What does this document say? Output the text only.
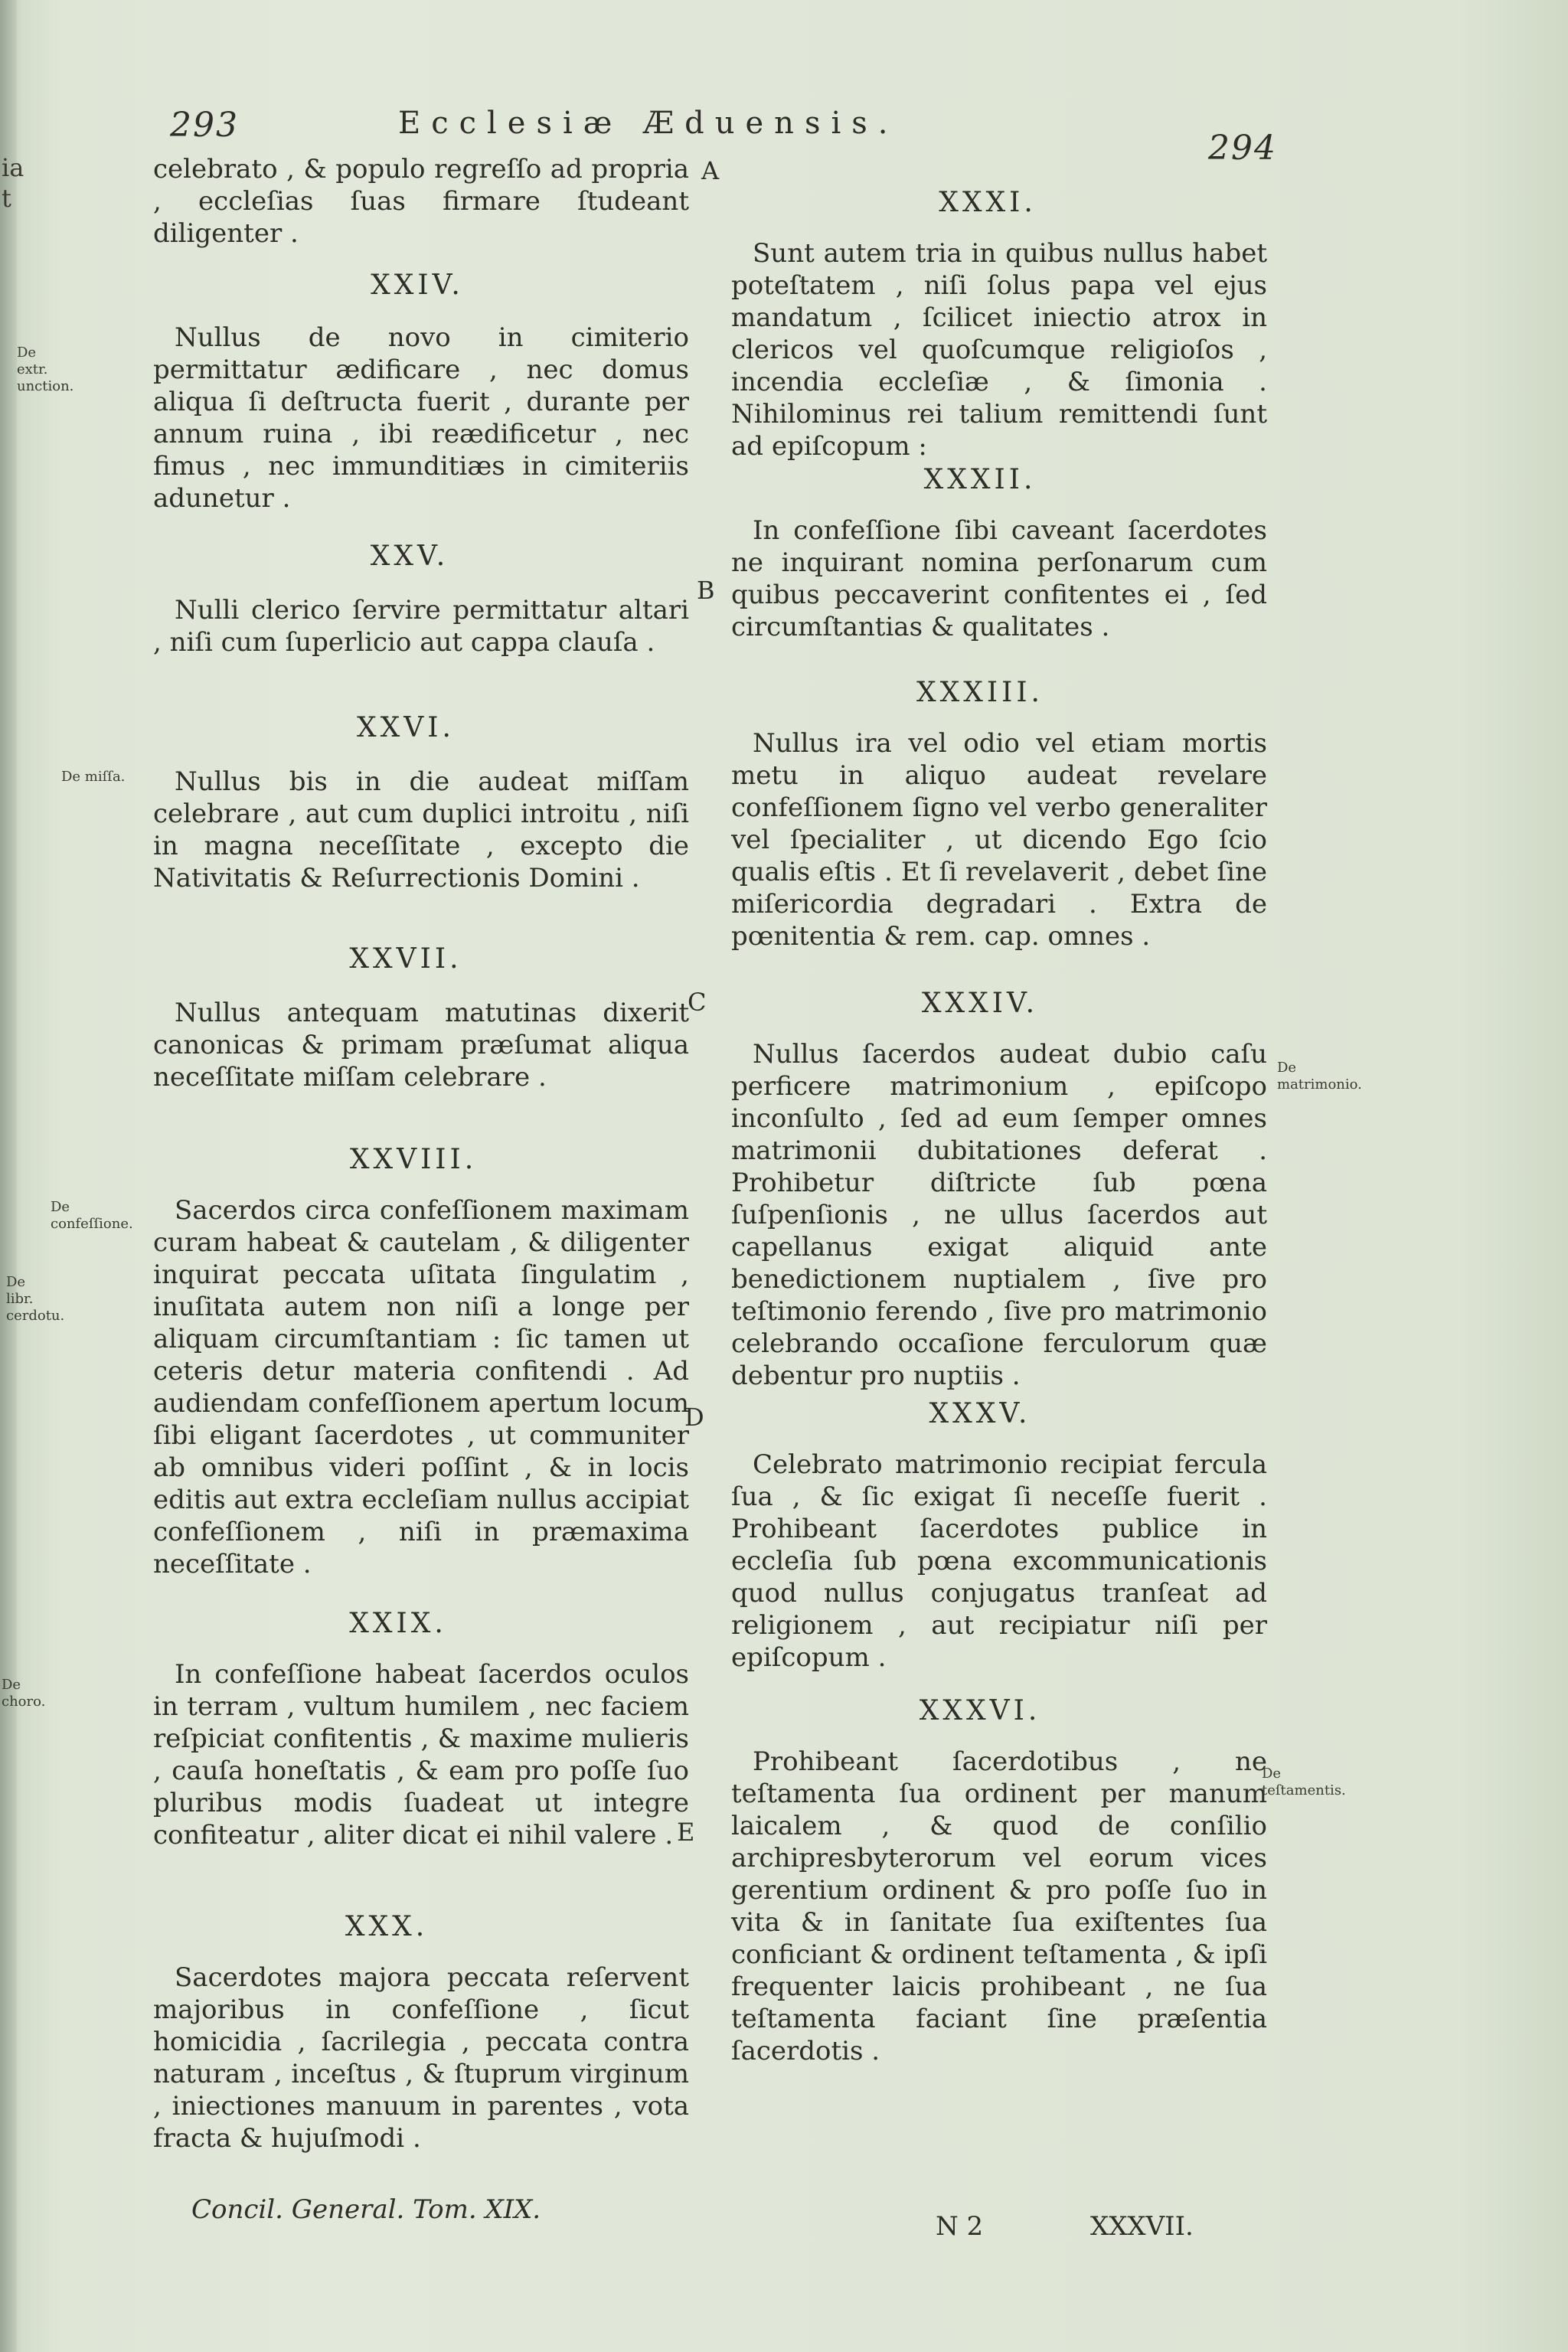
ia
t
293	Ecclesiæ Æduensis.
294

celebrato , & populo regreſſo ad propria , eccleſias ſuas firmare ſtudeant diligenter .

XXIV.

Nullus de novo in cimiterio permittatur ædificare , nec domus aliqua ſi deſtructa fuerit , durante per annum ruina , ibi reædificetur , nec fimus , nec immunditiæs in cimiteriis adunetur .

XXV.

Nulli clerico ſervire permittatur altari , niſi cum ſuperlicio aut cappa clauſa .

XXVI.

Nullus bis in die audeat miſſam celebrare , aut cum duplici introitu , niſi in magna neceſſitate , excepto die Nativitatis & Reſurrectionis Domini .

XXVII.

Nullus antequam matutinas dixerit canonicas & primam præſumat aliqua neceſſitate miſſam celebrare .

XXVIII.

Sacerdos circa confeſſionem maximam curam habeat & cautelam , & diligenter inquirat peccata uſitata ſingulatim , inuſitata autem non niſi a longe per aliquam circumſtantiam : ſic tamen ut ceteris detur materia confitendi . Ad audiendam confeſſionem apertum locum ſibi eligant ſacerdotes , ut communiter ab omnibus videri poſſint , & in locis editis aut extra eccleſiam nullus accipiat confeſſionem , niſi in præmaxima neceſſitate .

XXIX.

In confeſſione habeat ſacerdos oculos in terram , vultum humilem , nec faciem reſpiciat confitentis , & maxime mulieris , cauſa honeſtatis , & eam pro poſſe ſuo pluribus modis ſuadeat ut integre confiteatur , aliter dicat ei nihil valere .

XXX.

Sacerdotes majora peccata reſervent majoribus in confeſſione , ſicut homicidia , ſacrilegia , peccata contra naturam , inceſtus , & ſtuprum virginum , iniectiones manuum in parentes , vota fracta & hujuſmodi .

XXXI.

Sunt autem tria in quibus nullus habet poteſtatem , niſi ſolus papa vel ejus mandatum , ſcilicet iniectio atrox in clericos vel quoſcumque religioſos , incendia eccleſiæ , & ſimonia . Nihilominus rei talium remittendi ſunt ad epiſcopum :

XXXII.

In confeſſione ſibi caveant ſacerdotes ne inquirant nomina perſonarum cum quibus peccaverint confitentes ei , ſed circumſtantias & qualitates .

XXXIII.

Nullus ira vel odio vel etiam mortis metu in aliquo audeat revelare confeſſionem ſigno vel verbo generaliter vel ſpecialiter , ut dicendo Ego ſcio qualis eſtis . Et ſi revelaverit , debet ſine miſericordia degradari . Extra de pœnitentia & rem. cap. omnes .

XXXIV.

Nullus ſacerdos audeat dubio caſu perficere matrimonium , epiſcopo inconſulto , ſed ad eum ſemper omnes matrimonii dubitationes deferat . Prohibetur diſtricte ſub pœna ſuſpenſionis , ne ullus ſacerdos aut capellanus exigat aliquid ante benedictionem nuptialem , ſive pro teſtimonio ferendo , ſive pro matrimonio celebrando occaſione ferculorum quæ debentur pro nuptiis .

XXXV.

Celebrato matrimonio recipiat fercula ſua , & ſic exigat ſi neceſſe fuerit . Prohibeant ſacerdotes publice in eccleſia ſub pœna excommunicationis quod nullus conjugatus tranſeat ad religionem , aut recipiatur niſi per epiſcopum .

XXXVI.

Prohibeant ſacerdotibus , ne teſtamenta ſua ordinent per manum laicalem , & quod de conſilio archipresbyterorum vel eorum vices gerentium ordinent & pro poſſe ſuo in vita & in ſanitate ſua exiſtentes ſua conficiant & ordinent teſtamenta , & ipſi frequenter laicis prohibeant , ne ſua teſtamenta faciant ſine præſentia ſacerdotis .

De extr. unction.
De miſſa.
De confeſſione.
De libr. cerdotu.
De choro.
De matrimonio.
De teſtamentis.
A
B
C
D
E
Concil. General. Tom. XIX.
N 2	XXXVII.
